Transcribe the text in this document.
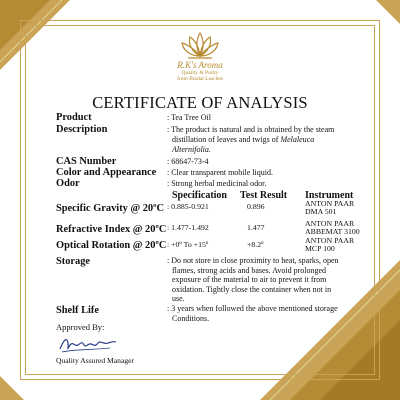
R.K's Aroma
Quality & Purity
from Bindal Lasches
CERTIFICATE OF ANALYSIS
Product	: Tea Tree Oil
Description	: The product is natural and is obtained by the steam
distillation of leaves and twigs of Melaleuca
Alternifolia.
CAS Number	: 68647-73-4
Color and Appearance : Clear transparent mobile liquid.
Odor	: Strong herbal medicinal odor.
Specification Test Result Instrument
Specific Gravity @ 20ºC : 0.885-0.921	0.896	ANTON PAAR
DMA 501
Refractive Index @ 20ºC : 1.477-1.492	1.477	ANTON PAAR
ABBEMAT 3100
Optical Rotation @ 20ºC : +0º To +15º	+8.2º	ANTON PAAR
MCP 100
Storage	: Do not store in close proximity to heat, sparks, open
flames, strong acids and bases. Avoid prolonged
exposure of the material to air to prevent it from
oxidation. Tightly close the container when not in
use.
Shelf Life	: 3 years when followed the above mentioned storage
Conditions.
Approved By:
Quality Assured Manager
